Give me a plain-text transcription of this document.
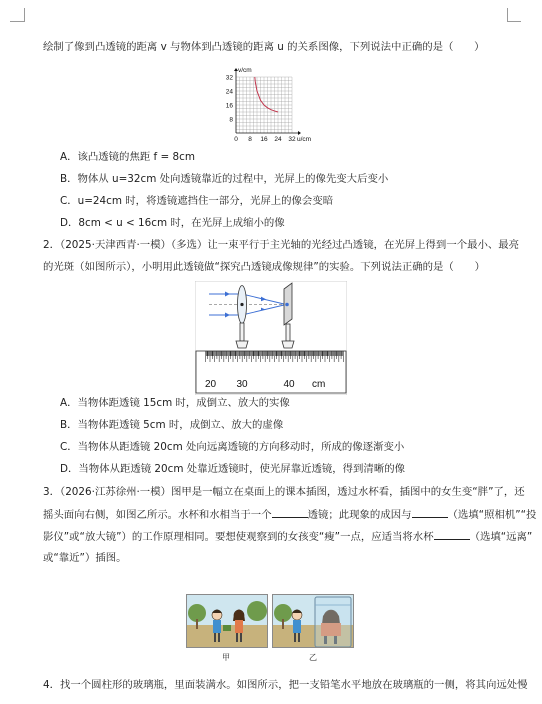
绘制了像到凸透镜的距离 v 与物体到凸透镜的距离 u 的关系图像，下列说法中正确的是（　　）
0 8 16 24 32
8
16
24
32
v/cm
u/cm
A．该凸透镜的焦距 f = 8cm
B．物体从 u=32cm 处向透镜靠近的过程中，光屏上的像先变大后变小
C．u=24cm 时，将透镜遮挡住一部分，光屏上的像会变暗
D．8cm < u < 16cm 时，在光屏上成缩小的像
2．（2025·天津西青·一模）（多选）让一束平行于主光轴的光经过凸透镜，在光屏上得到一个最小、最亮
的光斑（如图所示），小明用此透镜做“探究凸透镜成像规律”的实验。下列说法正确的是（　　）
20 30	40 cm
A．当物体距透镜 15cm 时，成倒立、放大的实像
B．当物体距透镜 5cm 时，成倒立、放大的虚像
C．当物体从距透镜 20cm 处向远离透镜的方向移动时，所成的像逐渐变小
D．当物体从距透镜 20cm 处靠近透镜时，使光屏靠近透镜，得到清晰的像
3．（2026·江苏徐州·一模）图甲是一幅立在桌面上的课本插图，透过水杯看，插图中的女生变“胖”了，还
摇头面向右侧，如图乙所示。水杯和水相当于一个	透镜；此现象的成因与	（选填“照相机”“投
影仪”或“放大镜”）的工作原理相同。要想使观察到的女孩变“瘦”一点，应适当将水杯	（选填“远离”
或“靠近”）插图。
甲	乙
4．找一个圆柱形的玻璃瓶，里面装满水。如图所示，把一支铅笔水平地放在玻璃瓶的一侧，将其向远处慢
